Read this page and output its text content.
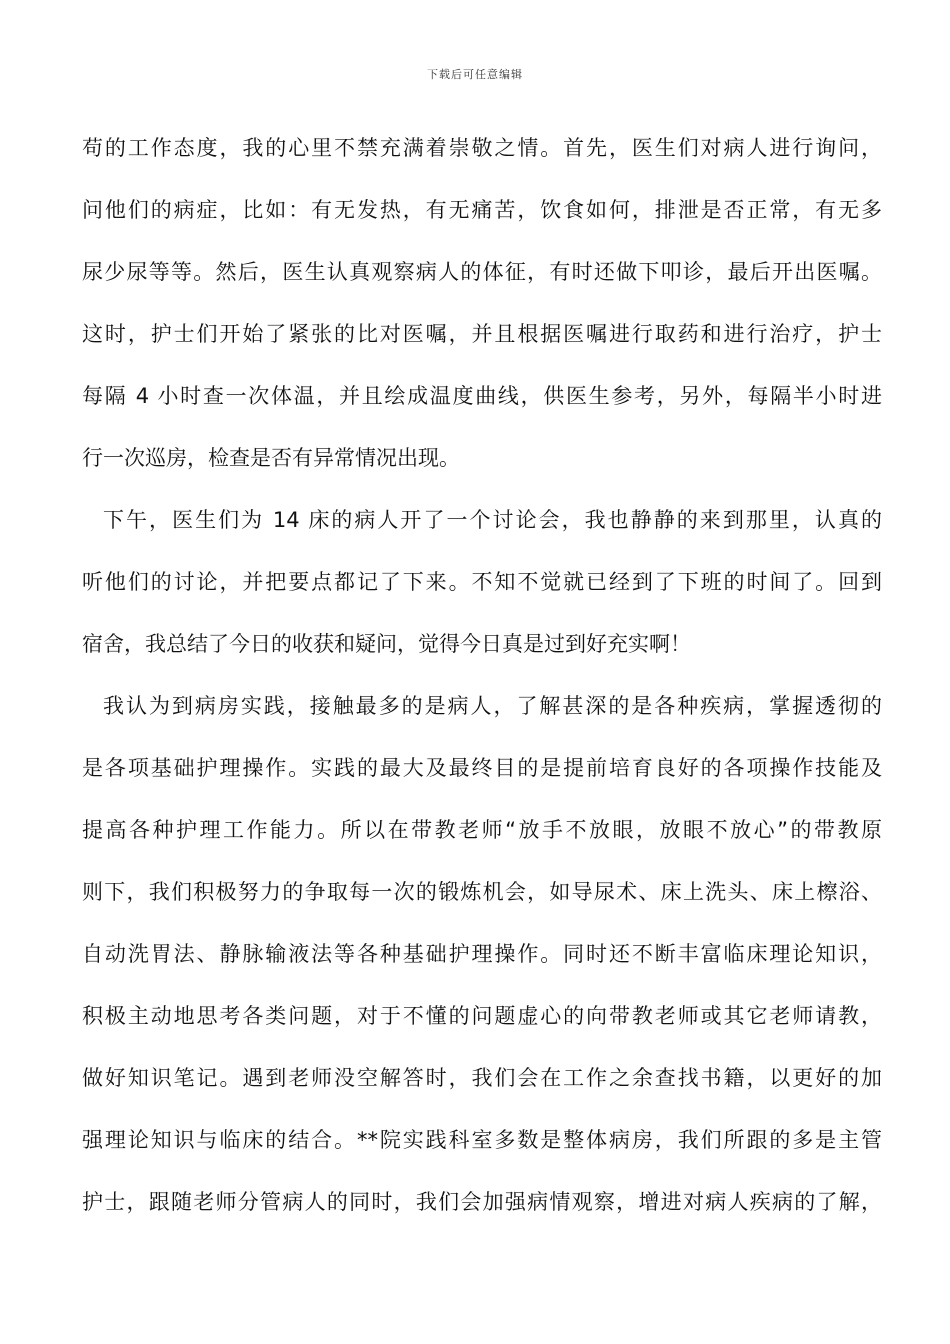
下载后可任意编辑
苟的工作态度，我的心里不禁充满着崇敬之情。首先，医生们对病人进行询问，
问他们的病症，比如：有无发热，有无痛苦，饮食如何，排泄是否正常，有无多
尿少尿等等。然后，医生认真观察病人的体征，有时还做下叩诊，最后开出医嘱。
这时，护士们开始了紧张的比对医嘱，并且根据医嘱进行取药和进行治疗，护士
每隔 4 小时查一次体温，并且绘成温度曲线，供医生参考，另外，每隔半小时进
行一次巡房，检查是否有异常情况出现。
下午，医生们为 14 床的病人开了一个讨论会，我也静静的来到那里，认真的
听他们的讨论，并把要点都记了下来。不知不觉就已经到了下班的时间了。回到
宿舍，我总结了今日的收获和疑问，觉得今日真是过到好充实啊！
我认为到病房实践，接触最多的是病人，了解甚深的是各种疾病，掌握透彻的
是各项基础护理操作。实践的最大及最终目的是提前培育良好的各项操作技能及
提高各种护理工作能力。所以在带教老师“放手不放眼，放眼不放心”的带教原
则下，我们积极努力的争取每一次的锻炼机会，如导尿术、床上洗头、床上檫浴、
自动洗胃法、静脉输液法等各种基础护理操作。同时还不断丰富临床理论知识，
积极主动地思考各类问题，对于不懂的问题虚心的向带教老师或其它老师请教，
做好知识笔记。遇到老师没空解答时，我们会在工作之余查找书籍，以更好的加
强理论知识与临床的结合。**院实践科室多数是整体病房，我们所跟的多是主管
护士，跟随老师分管病人的同时，我们会加强病情观察，增进对病人疾病的了解，
